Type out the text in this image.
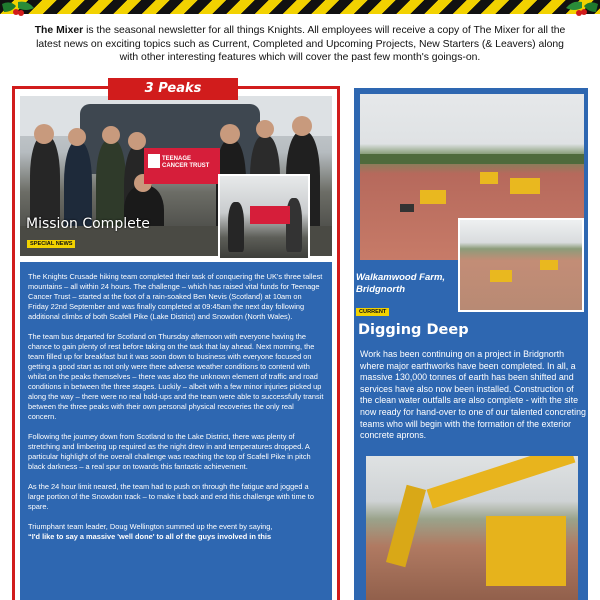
The Mixer is the seasonal newsletter for all things Knights. All employees will receive a copy of The Mixer for all the latest news on exciting topics such as Current, Completed and Upcoming Projects, New Starters (& Leavers) along with other interesting features which will cover the past few month's goings-on.
3 Peaks
TEENAGE CANCER TRUST
Mission Complete
SPECIAL NEWS

The Knights Crusade hiking team completed their task of conquering the UK's three tallest mountains – all within 24 hours. The challenge – which has raised vital funds for Teenage Cancer Trust – started at the foot of a rain-soaked Ben Nevis (Scotland) at 10am on Friday 22nd September and was finally completed at 09:45am the next day following additional climbs of both Scafell Pike (Lake District) and Snowdon (North Wales).

The team bus departed for Scotland on Thursday afternoon with everyone having the chance to gain plenty of rest before taking on the task that lay ahead. Next morning, the team filled up for breakfast but it was soon down to business with everyone focused on getting a good start as not only were there adverse weather conditions to contend with whilst on the peaks themselves – there was also the unknown element of traffic and road conditions in between the three stages. Luckily – albeit with a few minor injuries picked up along the way – there were no real hold-ups and the team were able to successfully transit between the three peaks with their own personal physical recoveries the only real concern.

Following the journey down from Scotland to the Lake District, there was plenty of stretching and limbering up required as the night drew in and temperatures dropped. A particular highlight of the overall challenge was reaching the top of Scafell Pike in pitch black darkness – a real spur on towards this fantastic achievement.

As the 24 hour limit neared, the team had to push on through the fatigue and jogged a large portion of the Snowdon track – to make it back and end this challenge with time to spare.

Triumphant team leader, Doug Wellington summed up the event by saying,

“I'd like to say a massive 'well done' to all of the guys involved in this

Walkamwood Farm, Bridgnorth
CURRENT
Digging Deep
Work has been continuing on a project in Bridgnorth where major earthworks have been completed. In all, a massive 130,000 tonnes of earth has been shifted and services have also now been installed. Construction of the clean water outfalls are also complete - with the site now ready for hand-over to one of our talented concreting teams who will begin with the formation of the exterior concrete aprons.
